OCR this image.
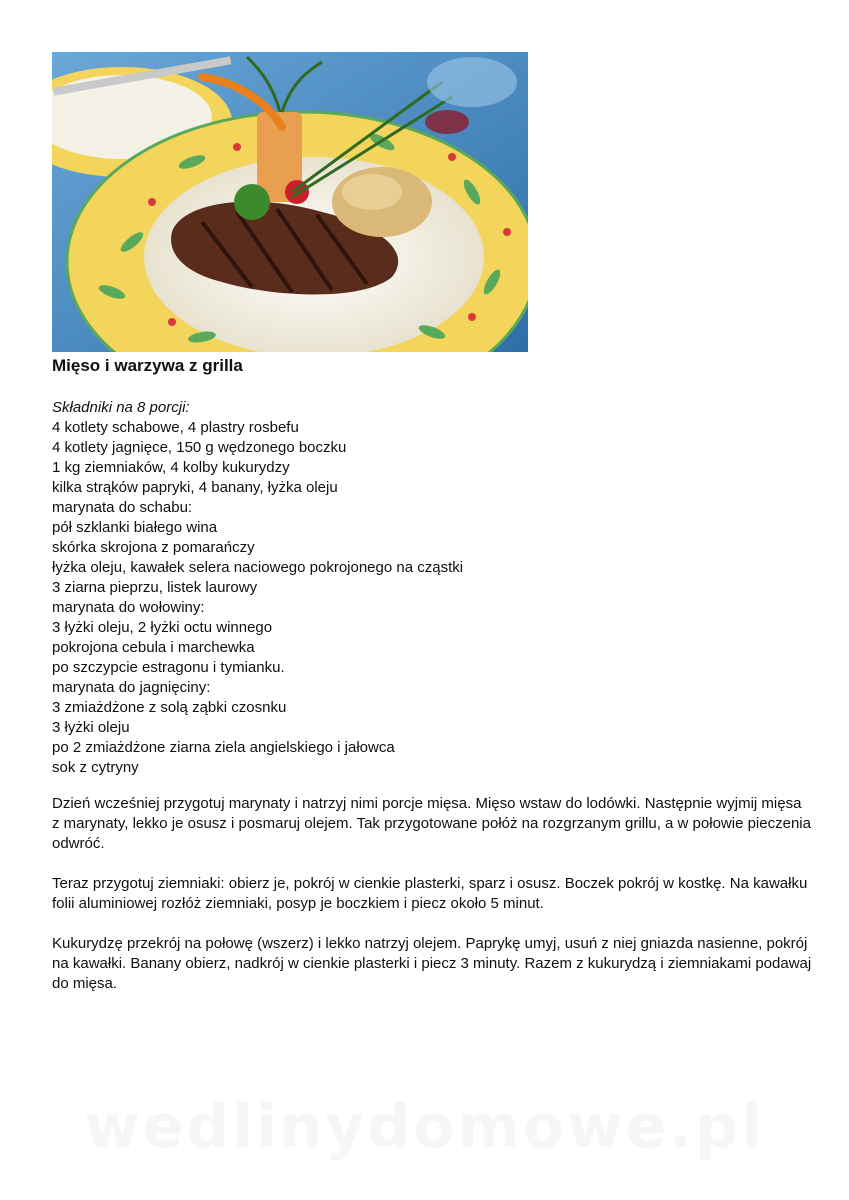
Mięso i warzywa z grilla
Składniki na 8 porcji:
4 kotlety schabowe, 4 plastry rosbefu
4 kotlety jagnięce, 150 g wędzonego boczku
1 kg ziemniaków, 4 kolby kukurydzy
kilka strąków papryki, 4 banany, łyżka oleju
marynata do schabu:
pół szklanki białego wina
skórka skrojona z pomarańczy
łyżka oleju, kawałek selera naciowego pokrojonego na cząstki
3 ziarna pieprzu, listek laurowy
marynata do wołowiny:
3 łyżki oleju, 2 łyżki octu winnego
pokrojona cebula i marchewka
po szczypcie estragonu i tymianku.
marynata do jagnięciny:
3 zmiażdżone z solą ząbki czosnku
3 łyżki oleju
po 2 zmiażdżone ziarna ziela angielskiego i jałowca
sok z cytryny

Dzień wcześniej przygotuj marynaty i natrzyj nimi porcje mięsa. Mięso wstaw do lodówki. Następnie wyjmij mięsa z marynaty, lekko je osusz i posmaruj olejem. Tak przygotowane połóż na rozgrzanym grillu, a w połowie pieczenia odwróć.

Teraz przygotuj ziemniaki: obierz je, pokrój w cienkie plasterki, sparz i osusz. Boczek pokrój w kostkę. Na kawałku folii aluminiowej rozłóż ziemniaki, posyp je boczkiem i piecz około 5 minut.

Kukurydzę przekrój na połowę (wszerz) i lekko natrzyj olejem. Paprykę umyj, usuń z niej gniazda nasienne, pokrój na kawałki. Banany obierz, nadkrój w cienkie plasterki i piecz 3 minuty. Razem z kukurydzą i ziemniakami podawaj do mięsa.

wedlinydomowe.pl
